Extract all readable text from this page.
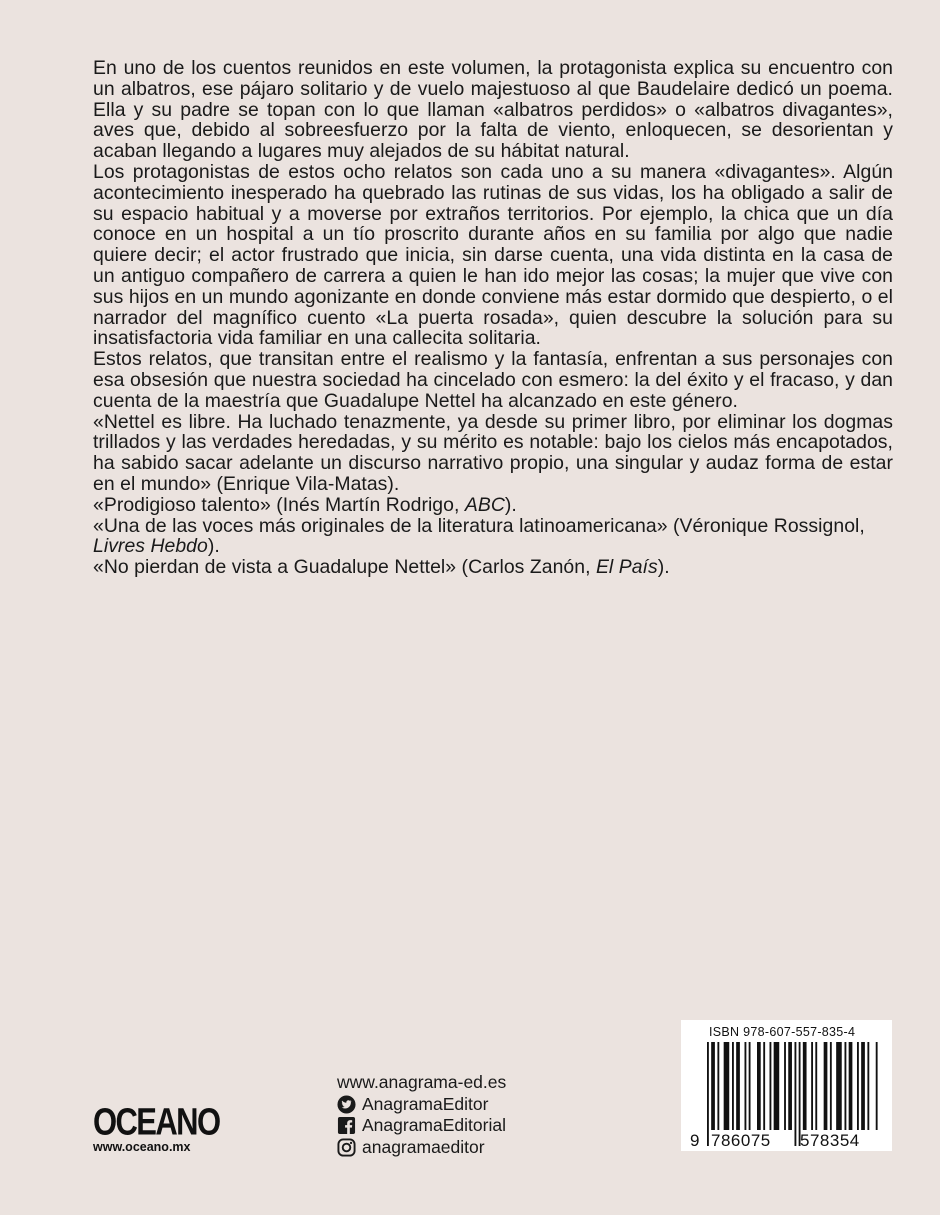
En uno de los cuentos reunidos en este volumen, la protagonista explica su encuentro con un albatros, ese pájaro solitario y de vuelo majestuoso al que Baudelaire dedicó un poema. Ella y su padre se topan con lo que llaman «albatros perdidos» o «albatros divagantes», aves que, debido al sobreesfuerzo por la falta de viento, enloquecen, se desorientan y acaban llegando a lugares muy alejados de su hábitat natural.

Los protagonistas de estos ocho relatos son cada uno a su manera «divagantes». Algún acontecimiento inesperado ha quebrado las rutinas de sus vidas, los ha obligado a salir de su espacio habitual y a moverse por extraños territorios. Por ejemplo, la chica que un día conoce en un hospital a un tío proscrito durante años en su familia por algo que nadie quiere decir; el actor frustrado que inicia, sin darse cuenta, una vida distinta en la casa de un antiguo compañero de carrera a quien le han ido mejor las cosas; la mujer que vive con sus hijos en un mundo agonizante en donde conviene más estar dormido que despierto, o el narrador del magnífico cuento «La puerta rosada», quien descubre la solución para su insatisfactoria vida familiar en una callecita solitaria.

Estos relatos, que transitan entre el realismo y la fantasía, enfrentan a sus personajes con esa obsesión que nuestra sociedad ha cincelado con esmero: la del éxito y el fracaso, y dan cuenta de la maestría que Guadalupe Nettel ha alcanzado en este género.

«Nettel es libre. Ha luchado tenazmente, ya desde su primer libro, por eliminar los dogmas trillados y las verdades heredadas, y su mérito es notable: bajo los cielos más encapotados, ha sabido sacar adelante un discurso narrativo propio, una singular y audaz forma de estar en el mundo» (Enrique Vila-Matas).

«Prodigioso talento» (Inés Martín Rodrigo, ABC).

«Una de las voces más originales de la literatura latinoamericana» (Véronique Rossignol, Livres Hebdo).

«No pierdan de vista a Guadalupe Nettel» (Carlos Zanón, El País).

OCEANO
www.oceano.mx
www.anagrama-ed.es
AnagramaEditor
AnagramaEditorial
anagramaeditor
ISBN 978-607-557-835-4
9 786075 578354
